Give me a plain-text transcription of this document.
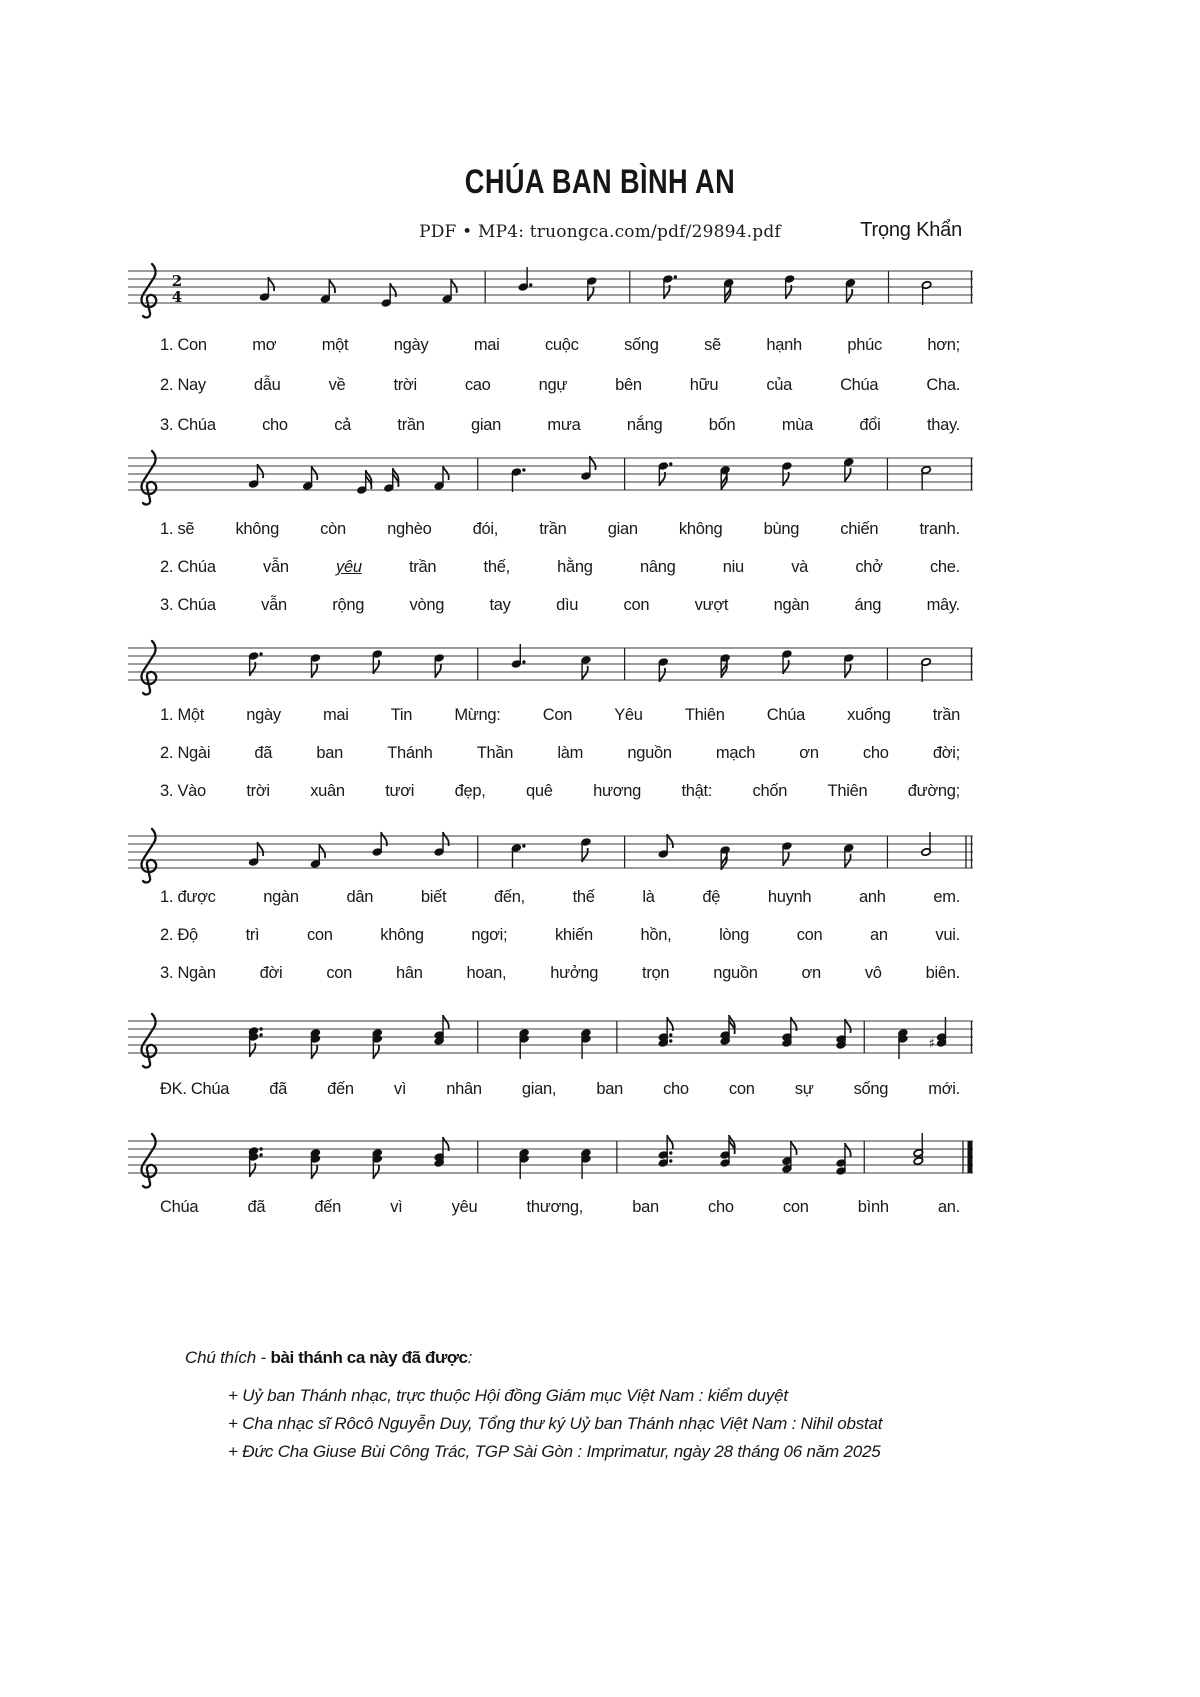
CHÚA BAN BÌNH AN
PDF • MP4: truongca.com/pdf/29894.pdf	Trọng Khẩn
2
4
♯
Chú thích - bài thánh ca này đã được:
+ Uỷ ban Thánh nhạc, trực thuộc Hội đồng Giám mục Việt Nam : kiểm duyệt
+ Cha nhạc sĩ Rôcô Nguyễn Duy, Tổng thư ký Uỷ ban Thánh nhạc Việt Nam : Nihil obstat
+ Đức Cha Giuse Bùi Công Trác, TGP Sài Gòn : Imprimatur, ngày 28 tháng 06 năm 2025
1. Con	mơ	một	ngày	mai	cuộc	sống	sẽ	hạnh	phúc	hơn;
2. Nay	dẫu	về	trời	cao	ngự	bên	hữu	của	Chúa	Cha.
3. Chúa	cho	cả	trần	gian	mưa	nắng	bốn	mùa	đổi	thay.
1. sẽ không còn nghèo đói, trần gian không bùng chiến tranh.
2. Chúa	vẫn	yêu	trần	thế,	hằng	nâng	niu	và	chở	che.
3. Chúa	vẫn	rộng	vòng	tay	dìu	con	vượt	ngàn	áng	mây.
1. Một	ngày	mai	Tin	Mừng:	Con	Yêu	Thiên	Chúa	xuống	trần
2. Ngài	đã	ban	Thánh	Thần	làm	nguồn	mạch	ơn	cho	đời;
3. Vào trời xuân tươi đẹp, quê hương thật: chốn Thiên đường;
1. được	ngàn	dân	biết	đến,	thế	là	đệ	huynh	anh	em.
2. Độ	trì	con	không	ngơi;	khiến	hồn,	lòng	con	an	vui.
3. Ngàn	đời	con	hân	hoan,	hưởng	trọn	nguồn	ơn	vô	biên.
ĐK. Chúa đã đến vì nhân gian, ban cho con sự sống mới.
Chúa	đã	đến	vì	yêu	thương,	ban	cho	con	bình	an.
